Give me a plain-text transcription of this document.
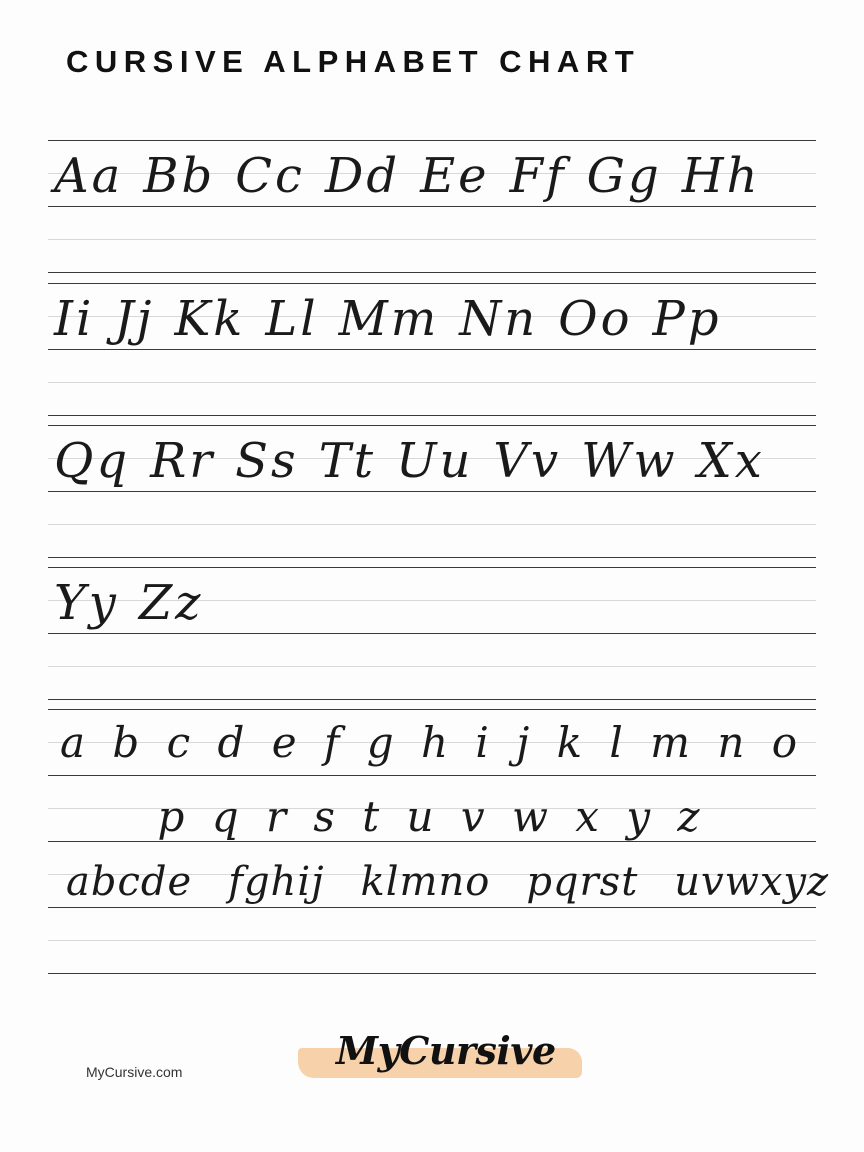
CURSIVE ALPHABET CHART
Aa Bb Cc Dd Ee Ff Gg Hh
Ii Jj Kk Ll Mm Nn Oo Pp
Qq Rr Ss Tt Uu Vv Ww Xx
Yy Zz
a b c d e f g h i j k l m n o
p q r s t u v w x y z
abcde fghij klmno pqrst uvwxyz
MyCursive.com	MyCursive
